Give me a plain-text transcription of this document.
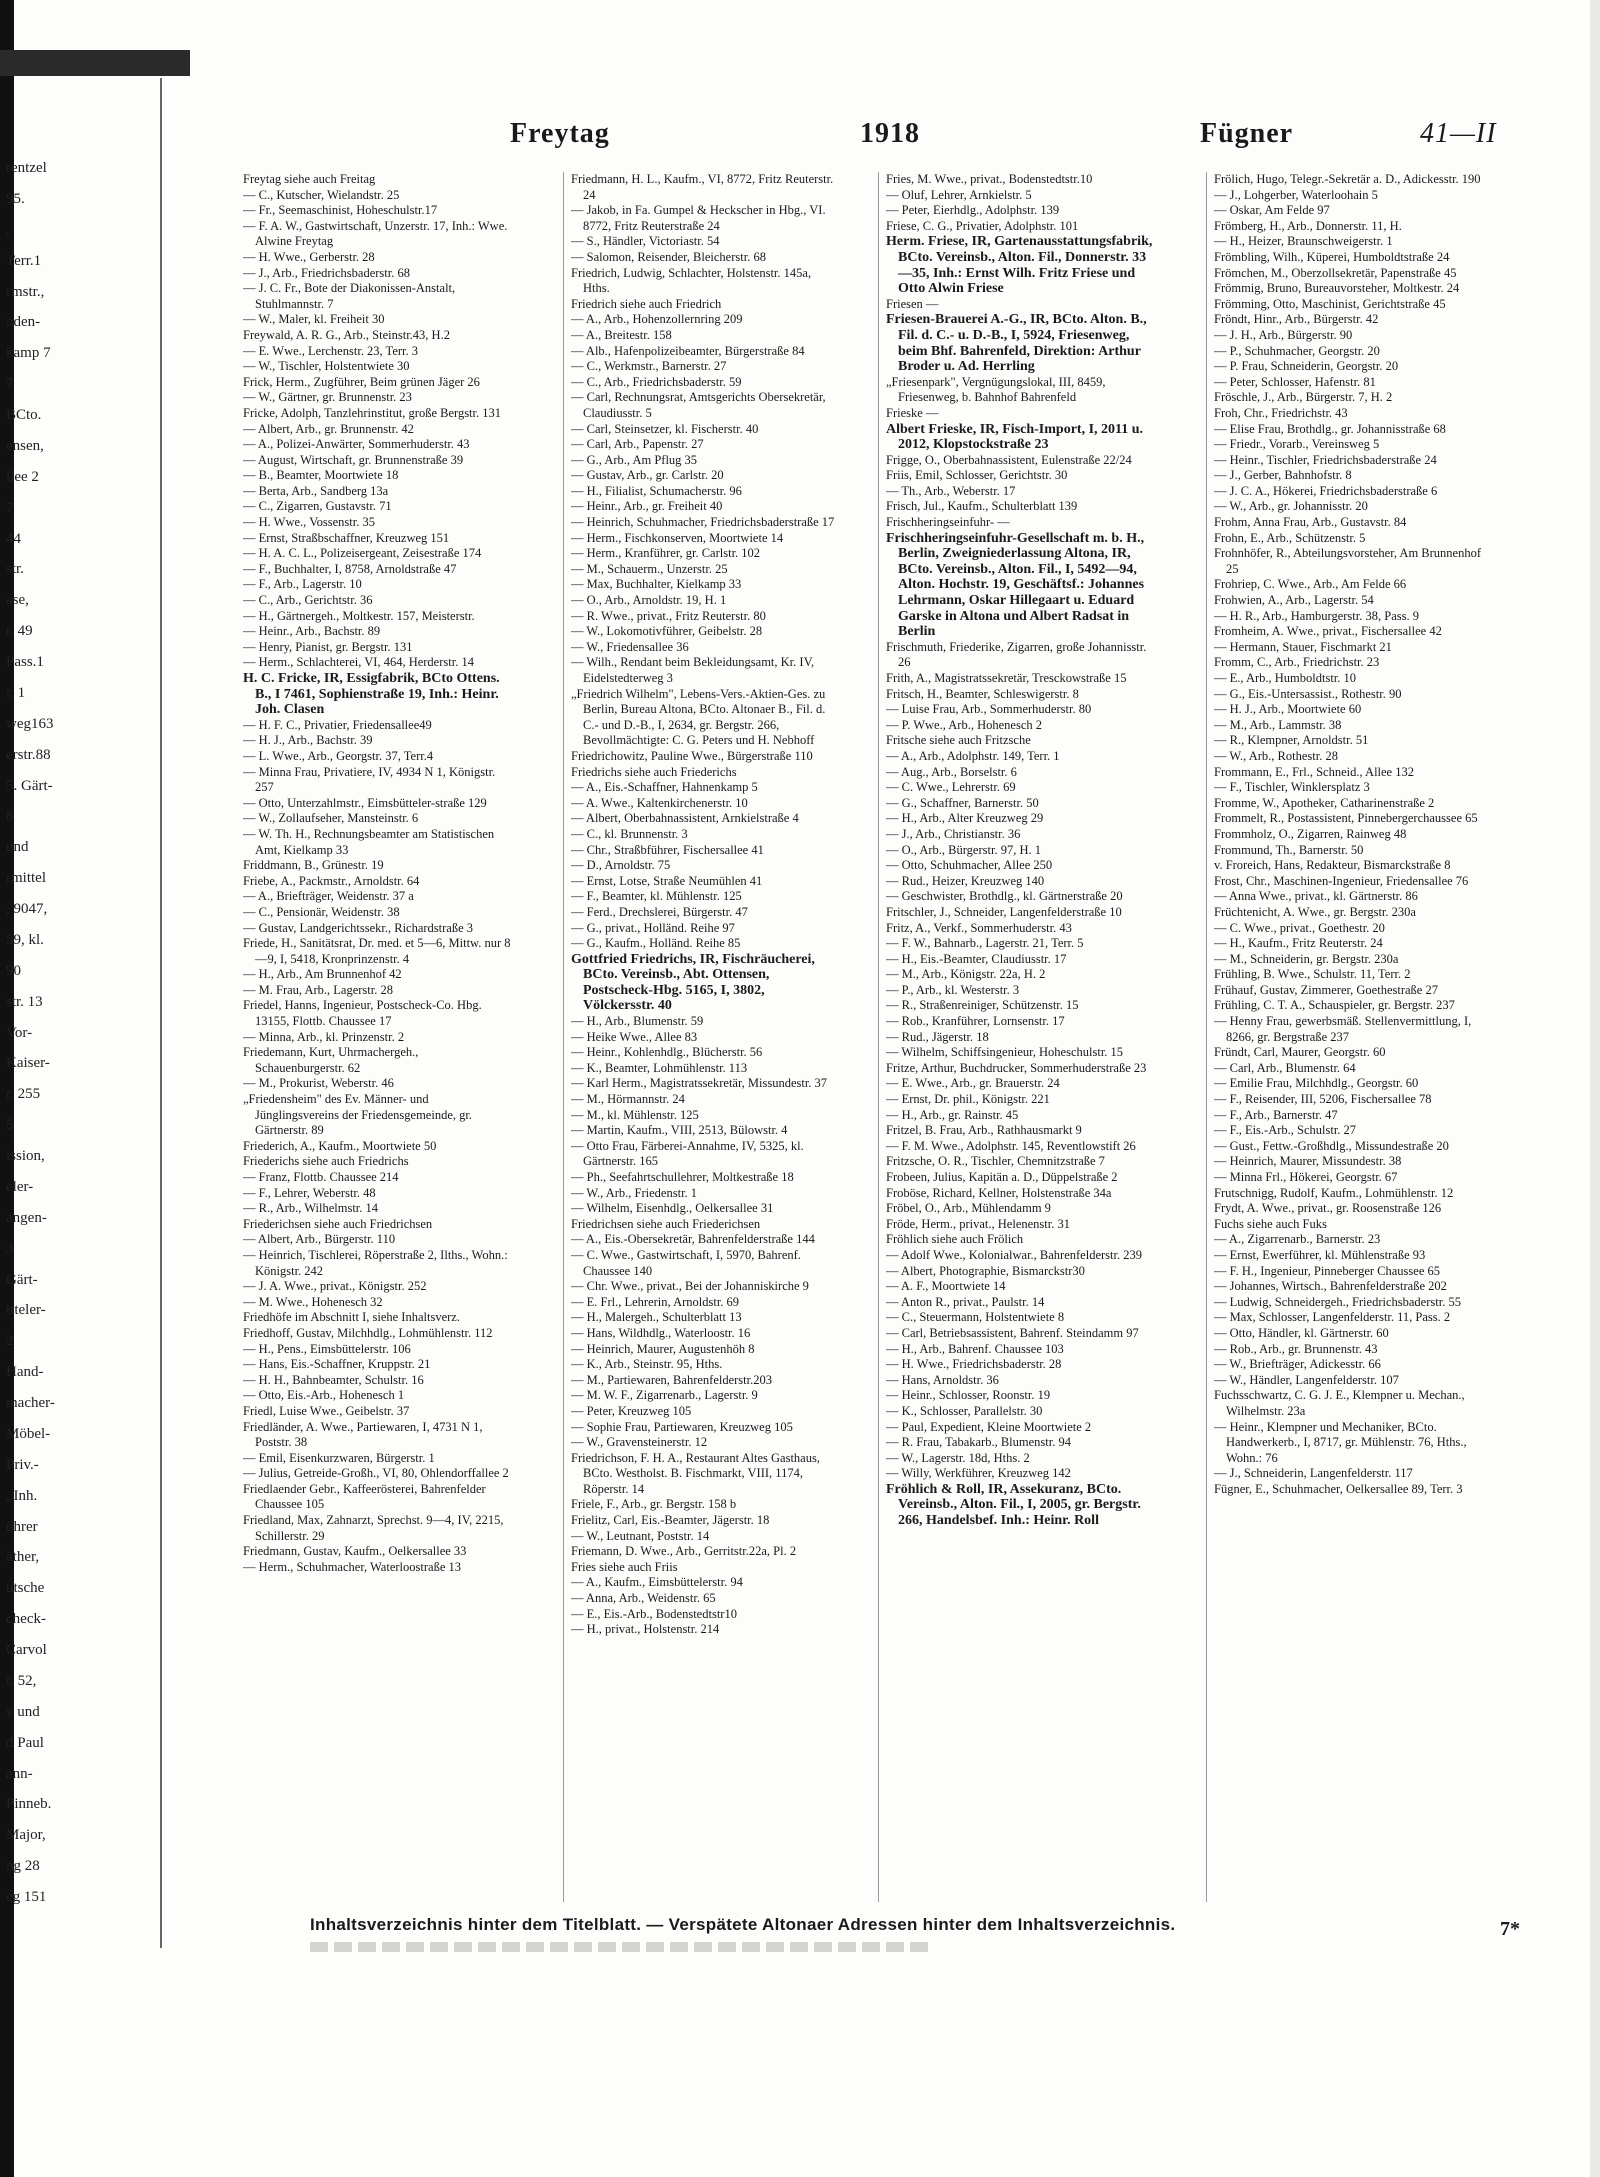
rentzel
95.
,
Terr.1
rmstr.,
nden-
kamp 7
7
BCto.
ensen,
llee 2
7
44
str.
ase,
r. 49
Pass.1
r. 1
weg163
erstr.88
5. Gärt-
8
und
rmittel
, 9047,
59, kl.
90
str. 13
Vor-
Kaiser-
r. 255
5
ission,
eler-
angen-
3
Gärt-
ttteler-
2
Hand-
macher-
Möbel-
Priv.-
, Inh.
ührer
äther,
utsche
check-
Carvol
r. 52,
y und
d Paul
ann-
Pinneb.
Major,
ng 28
eg 151
Freytag	1918	Fügner	41—II

Freytag siehe auch Freitag

— C., Kutscher, Wielandstr. 25

— Fr., Seemaschinist, Hoheschulstr.17

— F. A. W., Gastwirtschaft, Unzerstr. 17, Inh.: Wwe. Alwine Freytag

— H. Wwe., Gerberstr. 28

— J., Arb., Friedrichsbaderstr. 68

— J. C. Fr., Bote der Diakonissen-Anstalt, Stuhlmannstr. 7

— W., Maler, kl. Freiheit 30

Freywald, A. R. G., Arb., Steinstr.43, H.2

— E. Wwe., Lerchenstr. 23, Terr. 3

— W., Tischler, Holstentwiete 30

Frick, Herm., Zugführer, Beim grünen Jäger 26

— W., Gärtner, gr. Brunnenstr. 23

Fricke, Adolph, Tanzlehrinstitut, große Bergstr. 131

— Albert, Arb., gr. Brunnenstr. 42

— A., Polizei-Anwärter, Sommerhuderstr. 43

— August, Wirtschaft, gr. Brunnenstraße 39

— B., Beamter, Moortwiete 18

— Berta, Arb., Sandberg 13a

— C., Zigarren, Gustavstr. 71

— H. Wwe., Vossenstr. 35

— Ernst, Straßbschaffner, Kreuzweg 151

— H. A. C. L., Polizeisergeant, Zeisestraße 174

— F., Buchhalter, I, 8758, Arnoldstraße 47

— F., Arb., Lagerstr. 10

— C., Arb., Gerichtstr. 36

— H., Gärtnergeh., Moltkestr. 157, Meisterstr.

— Heinr., Arb., Bachstr. 89

— Henry, Pianist, gr. Bergstr. 131

— Herm., Schlachterei, VI, 464, Herderstr. 14

H. C. Fricke, IR, Essigfabrik, BCto Ottens. B., I 7461, Sophienstraße 19, Inh.: Heinr. Joh. Clasen

— H. F. C., Privatier, Friedensallee49

— H. J., Arb., Bachstr. 39

— L. Wwe., Arb., Georgstr. 37, Terr.4

— Minna Frau, Privatiere, IV, 4934 N 1, Königstr. 257

— Otto, Unterzahlmstr., Eimsbütteler-straße 129

— W., Zollaufseher, Mansteinstr. 6

— W. Th. H., Rechnungsbeamter am Statistischen Amt, Kielkamp 33

Friddmann, B., Grünestr. 19

Friebe, A., Packmstr., Arnoldstr. 64

— A., Briefträger, Weidenstr. 37 a

— C., Pensionär, Weidenstr. 38

— Gustav, Landgerichtssekr., Richardstraße 3

Friede, H., Sanitätsrat, Dr. med. et 5—6, Mittw. nur 8—9, I, 5418, Kronprinzenstr. 4

— H., Arb., Am Brunnenhof 42

— M. Frau, Arb., Lagerstr. 28

Friedel, Hanns, Ingenieur, Postscheck-Co. Hbg. 13155, Flottb. Chaussee 17

— Minna, Arb., kl. Prinzenstr. 2

Friedemann, Kurt, Uhrmachergeh., Schauenburgerstr. 62

— M., Prokurist, Weberstr. 46

„Friedensheim" des Ev. Männer- und Jünglingsvereins der Friedensgemeinde, gr. Gärtnerstr. 89

Friederich, A., Kaufm., Moortwiete 50

Friederichs siehe auch Friedrichs

— Franz, Flottb. Chaussee 214

— F., Lehrer, Weberstr. 48

— R., Arb., Wilhelmstr. 14

Friederichsen siehe auch Friedrichsen

— Albert, Arb., Bürgerstr. 110

— Heinrich, Tischlerei, Röperstraße 2, Ilths., Wohn.: Königstr. 242

— J. A. Wwe., privat., Königstr. 252

— M. Wwe., Hohenesch 32

Friedhöfe im Abschnitt I, siehe Inhaltsverz.

Friedhoff, Gustav, Milchhdlg., Lohmühlenstr. 112

— H., Pens., Eimsbüttelerstr. 106

— Hans, Eis.-Schaffner, Kruppstr. 21

— H. H., Bahnbeamter, Schulstr. 16

— Otto, Eis.-Arb., Hohenesch 1

Friedl, Luise Wwe., Geibelstr. 37

Friedländer, A. Wwe., Partiewaren, I, 4731 N 1, Poststr. 38

— Emil, Eisenkurzwaren, Bürgerstr. 1

— Julius, Getreide-Großh., VI, 80, Ohlendorffallee 2

Friedlaender Gebr., Kaffeerösterei, Bahrenfelder Chaussee 105

Friedland, Max, Zahnarzt, Sprechst. 9—4, IV, 2215, Schillerstr. 29

Friedmann, Gustav, Kaufm., Oelkersallee 33

— Herm., Schuhmacher, Waterloostraße 13

Friedmann, H. L., Kaufm., VI, 8772, Fritz Reuterstr. 24

— Jakob, in Fa. Gumpel & Heckscher in Hbg., VI. 8772, Fritz Reuterstraße 24

— S., Händler, Victoriastr. 54

— Salomon, Reisender, Bleicherstr. 68

Friedrich, Ludwig, Schlachter, Holstenstr. 145a, Hths.

Friedrich siehe auch Friedrich

— A., Arb., Hohenzollernring 209

— A., Breitestr. 158

— Alb., Hafenpolizeibeamter, Bürgerstraße 84

— C., Werkmstr., Barnerstr. 27

— C., Arb., Friedrichsbaderstr. 59

— Carl, Rechnungsrat, Amtsgerichts Obersekretär, Claudiusstr. 5

— Carl, Steinsetzer, kl. Fischerstr. 40

— Carl, Arb., Papenstr. 27

— G., Arb., Am Pflug 35

— Gustav, Arb., gr. Carlstr. 20

— H., Filialist, Schumacherstr. 96

— Heinr., Arb., gr. Freiheit 40

— Heinrich, Schuhmacher, Friedrichsbaderstraße 17

— Herm., Fischkonserven, Moortwiete 14

— Herm., Kranführer, gr. Carlstr. 102

— M., Schauerm., Unzerstr. 25

— Max, Buchhalter, Kielkamp 33

— O., Arb., Arnoldstr. 19, H. 1

— R. Wwe., privat., Fritz Reuterstr. 80

— W., Lokomotivführer, Geibelstr. 28

— W., Friedensallee 36

— Wilh., Rendant beim Bekleidungsamt, Kr. IV, Eidelstedterweg 3

„Friedrich Wilhelm", Lebens-Vers.-Aktien-Ges. zu Berlin, Bureau Altona, BCto. Altonaer B., Fil. d. C.- und D.-B., I, 2634, gr. Bergstr. 266, Bevollmächtigte: C. G. Peters und H. Nebhoff

Friedrichowitz, Pauline Wwe., Bürgerstraße 110

Friedrichs siehe auch Friederichs

— A., Eis.-Schaffner, Hahnenkamp 5

— A. Wwe., Kaltenkirchenerstr. 10

— Albert, Oberbahnassistent, Arnkielstraße 4

— C., kl. Brunnenstr. 3

— Chr., Straßbführer, Fischersallee 41

— D., Arnoldstr. 75

— Ernst, Lotse, Straße Neumühlen 41

— F., Beamter, kl. Mühlenstr. 125

— Ferd., Drechslerei, Bürgerstr. 47

— G., privat., Holländ. Reihe 97

— G., Kaufm., Holländ. Reihe 85

Gottfried Friedrichs, IR, Fischräucherei, BCto. Vereinsb., Abt. Ottensen, Postscheck-Hbg. 5165, I, 3802, Völckersstr. 40

— H., Arb., Blumenstr. 59

— Heike Wwe., Allee 83

— Heinr., Kohlenhdlg., Blücherstr. 56

— K., Beamter, Lohmühlenstr. 113

— Karl Herm., Magistratssekretär, Missundestr. 37

— M., Hörmannstr. 24

— M., kl. Mühlenstr. 125

— Martin, Kaufm., VIII, 2513, Bülowstr. 4

— Otto Frau, Färberei-Annahme, IV, 5325, kl. Gärtnerstr. 165

— Ph., Seefahrtschullehrer, Moltkestraße 18

— W., Arb., Friedenstr. 1

— Wilhelm, Eisenhdlg., Oelkersallee 31

Friedrichsen siehe auch Friederichsen

— A., Eis.-Obersekretär, Bahrenfelderstraße 144

— C. Wwe., Gastwirtschaft, I, 5970, Bahrenf. Chaussee 140

— Chr. Wwe., privat., Bei der Johanniskirche 9

— E. Frl., Lehrerin, Arnoldstr. 69

— H., Malergeh., Schulterblatt 13

— Hans, Wildhdlg., Waterloostr. 16

— Heinrich, Maurer, Augustenhöh 8

— K., Arb., Steinstr. 95, Hths.

— M., Partiewaren, Bahrenfelderstr.203

— M. W. F., Zigarrenarb., Lagerstr. 9

— Peter, Kreuzweg 105

— Sophie Frau, Partiewaren, Kreuzweg 105

— W., Gravensteinerstr. 12

Friedrichson, F. H. A., Restaurant Altes Gasthaus, BCto. Westholst. B. Fischmarkt, VIII, 1174, Röperstr. 14

Friele, F., Arb., gr. Bergstr. 158 b

Frielitz, Carl, Eis.-Beamter, Jägerstr. 18

— W., Leutnant, Poststr. 14

Friemann, D. Wwe., Arb., Gerritstr.22a, Pl. 2

Fries siehe auch Friis

— A., Kaufm., Eimsbüttelerstr. 94

— Anna, Arb., Weidenstr. 65

— E., Eis.-Arb., Bodenstedtstr10

— H., privat., Holstenstr. 214

Fries, M. Wwe., privat., Bodenstedtstr.10

— Oluf, Lehrer, Arnkielstr. 5

— Peter, Eierhdlg., Adolphstr. 139

Friese, C. G., Privatier, Adolphstr. 101

Herm. Friese, IR, Gartenausstattungsfabrik, BCto. Vereinsb., Alton. Fil., Donnerstr. 33—35, Inh.: Ernst Wilh. Fritz Friese und Otto Alwin Friese

Friesen —

Friesen-Brauerei A.-G., IR, BCto. Alton. B., Fil. d. C.- u. D.-B., I, 5924, Friesenweg, beim Bhf. Bahrenfeld, Direktion: Arthur Broder u. Ad. Herrling

„Friesenpark", Vergnügungslokal, III, 8459, Friesenweg, b. Bahnhof Bahrenfeld

Frieske —

Albert Frieske, IR, Fisch-Import, I, 2011 u. 2012, Klopstockstraße 23

Frigge, O., Oberbahnassistent, Eulenstraße 22/24

Friis, Emil, Schlosser, Gerichtstr. 30

— Th., Arb., Weberstr. 17

Frisch, Jul., Kaufm., Schulterblatt 139

Frischheringseinfuhr- —

Frischheringseinfuhr-Gesellschaft m. b. H., Berlin, Zweigniederlassung Altona, IR, BCto. Vereinsb., Alton. Fil., I, 5492—94, Alton. Hochstr. 19, Geschäftsf.: Johannes Lehrmann, Oskar Hillegaart u. Eduard Garske in Altona und Albert Radsat in Berlin

Frischmuth, Friederike, Zigarren, große Johannisstr. 26

Frith, A., Magistratssekretär, Tresckowstraße 15

Fritsch, H., Beamter, Schleswigerstr. 8

— Luise Frau, Arb., Sommerhuderstr. 80

— P. Wwe., Arb., Hohenesch 2

Fritsche siehe auch Fritzsche

— A., Arb., Adolphstr. 149, Terr. 1

— Aug., Arb., Borselstr. 6

— C. Wwe., Lehrerstr. 69

— G., Schaffner, Barnerstr. 50

— H., Arb., Alter Kreuzweg 29

— J., Arb., Christianstr. 36

— O., Arb., Bürgerstr. 97, H. 1

— Otto, Schuhmacher, Allee 250

— Rud., Heizer, Kreuzweg 140

— Geschwister, Brothdlg., kl. Gärtnerstraße 20

Fritschler, J., Schneider, Langenfelderstraße 10

Fritz, A., Verkf., Sommerhuderstr. 43

— F. W., Bahnarb., Lagerstr. 21, Terr. 5

— H., Eis.-Beamter, Claudiusstr. 17

— M., Arb., Königstr. 22a, H. 2

— P., Arb., kl. Westerstr. 3

— R., Straßenreiniger, Schützenstr. 15

— Rob., Kranführer, Lornsenstr. 17

— Rud., Jägerstr. 18

— Wilhelm, Schiffsingenieur, Hoheschulstr. 15

Fritze, Arthur, Buchdrucker, Sommerhuderstraße 23

— E. Wwe., Arb., gr. Brauerstr. 24

— Ernst, Dr. phil., Königstr. 221

— H., Arb., gr. Rainstr. 45

Fritzel, B. Frau, Arb., Rathhausmarkt 9

— F. M. Wwe., Adolphstr. 145, Reventlowstift 26

Fritzsche, O. R., Tischler, Chemnitzstraße 7

Frobeen, Julius, Kapitän a. D., Düppelstraße 2

Froböse, Richard, Kellner, Holstenstraße 34a

Fröbel, O., Arb., Mühlendamm 9

Fröde, Herm., privat., Helenenstr. 31

Fröhlich siehe auch Frölich

— Adolf Wwe., Kolonialwar., Bahrenfelderstr. 239

— Albert, Photographie, Bismarckstr30

— A. F., Moortwiete 14

— Anton R., privat., Paulstr. 14

— C., Steuermann, Holstentwiete 8

— Carl, Betriebsassistent, Bahrenf. Steindamm 97

— H., Arb., Bahrenf. Chaussee 103

— H. Wwe., Friedrichsbaderstr. 28

— Hans, Arnoldstr. 36

— Heinr., Schlosser, Roonstr. 19

— K., Schlosser, Parallelstr. 30

— Paul, Expedient, Kleine Moortwiete 2

— R. Frau, Tabakarb., Blumenstr. 94

— W., Lagerstr. 18d, Hths. 2

— Willy, Werkführer, Kreuzweg 142

Fröhlich & Roll, IR, Assekuranz, BCto. Vereinsb., Alton. Fil., I, 2005, gr. Bergstr. 266, Handelsbef. Inh.: Heinr. Roll

Frölich, Hugo, Telegr.-Sekretär a. D., Adickesstr. 190

— J., Lohgerber, Waterloohain 5

— Oskar, Am Felde 97

Frömberg, H., Arb., Donnerstr. 11, H.

— H., Heizer, Braunschweigerstr. 1

Frömbling, Wilh., Küperei, Humboldtstraße 24

Frömchen, M., Oberzollsekretär, Papenstraße 45

Frömmig, Bruno, Bureauvorsteher, Moltkestr. 24

Frömming, Otto, Maschinist, Gerichtstraße 45

Fröndt, Hinr., Arb., Bürgerstr. 42

— J. H., Arb., Bürgerstr. 90

— P., Schuhmacher, Georgstr. 20

— P. Frau, Schneiderin, Georgstr. 20

— Peter, Schlosser, Hafenstr. 81

Fröschle, J., Arb., Bürgerstr. 7, H. 2

Froh, Chr., Friedrichstr. 43

— Elise Frau, Brothdlg., gr. Johannisstraße 68

— Friedr., Vorarb., Vereinsweg 5

— Heinr., Tischler, Friedrichsbaderstraße 24

— J., Gerber, Bahnhofstr. 8

— J. C. A., Hökerei, Friedrichsbaderstraße 6

— W., Arb., gr. Johannisstr. 20

Frohm, Anna Frau, Arb., Gustavstr. 84

Frohn, E., Arb., Schützenstr. 5

Frohnhöfer, R., Abteilungsvorsteher, Am Brunnenhof 25

Frohriep, C. Wwe., Arb., Am Felde 66

Frohwien, A., Arb., Lagerstr. 54

— H. R., Arb., Hamburgerstr. 38, Pass. 9

Fromheim, A. Wwe., privat., Fischersallee 42

— Hermann, Stauer, Fischmarkt 21

Fromm, C., Arb., Friedrichstr. 23

— E., Arb., Humboldtstr. 10

— G., Eis.-Untersassist., Rothestr. 90

— H. J., Arb., Moortwiete 60

— M., Arb., Lammstr. 38

— R., Klempner, Arnoldstr. 51

— W., Arb., Rothestr. 28

Frommann, E., Frl., Schneid., Allee 132

— F., Tischler, Winklersplatz 3

Fromme, W., Apotheker, Catharinenstraße 2

Frommelt, R., Postassistent, Pinnebergerchaussee 65

Frommholz, O., Zigarren, Rainweg 48

Frommund, Th., Barnerstr. 50

v. Froreich, Hans, Redakteur, Bismarckstraße 8

Frost, Chr., Maschinen-Ingenieur, Friedensallee 76

— Anna Wwe., privat., kl. Gärtnerstr. 86

Früchtenicht, A. Wwe., gr. Bergstr. 230a

— C. Wwe., privat., Goethestr. 20

— H., Kaufm., Fritz Reuterstr. 24

— M., Schneiderin, gr. Bergstr. 230a

Frühling, B. Wwe., Schulstr. 11, Terr. 2

Frühauf, Gustav, Zimmerer, Goethestraße 27

Frühling, C. T. A., Schauspieler, gr. Bergstr. 237

— Henny Frau, gewerbsmäß. Stellenvermittlung, I, 8266, gr. Bergstraße 237

Fründt, Carl, Maurer, Georgstr. 60

— Carl, Arb., Blumenstr. 64

— Emilie Frau, Milchhdlg., Georgstr. 60

— F., Reisender, III, 5206, Fischersallee 78

— F., Arb., Barnerstr. 47

— F., Eis.-Arb., Schulstr. 27

— Gust., Fettw.-Großhdlg., Missundestraße 20

— Heinrich, Maurer, Missundestr. 38

— Minna Frl., Hökerei, Georgstr. 67

Frutschnigg, Rudolf, Kaufm., Lohmühlenstr. 12

Frydt, A. Wwe., privat., gr. Roosenstraße 126

Fuchs siehe auch Fuks

— A., Zigarrenarb., Barnerstr. 23

— Ernst, Ewerführer, kl. Mühlenstraße 93

— F. H., Ingenieur, Pinneberger Chaussee 65

— Johannes, Wirtsch., Bahrenfelderstraße 202

— Ludwig, Schneidergeh., Friedrichsbaderstr. 55

— Max, Schlosser, Langenfelderstr. 11, Pass. 2

— Otto, Händler, kl. Gärtnerstr. 60

— Rob., Arb., gr. Brunnenstr. 43

— W., Briefträger, Adickesstr. 66

— W., Händler, Langenfelderstr. 107

Fuchsschwartz, C. G. J. E., Klempner u. Mechan., Wilhelmstr. 23a

— Heinr., Klempner und Mechaniker, BCto. Handwerkerb., I, 8717, gr. Mühlenstr. 76, Hths., Wohn.: 76

— J., Schneiderin, Langenfelderstr. 117

Fügner, E., Schuhmacher, Oelkersallee 89, Terr. 3

Inhaltsverzeichnis hinter dem Titelblatt. — Verspätete Altonaer Adressen hinter dem Inhaltsverzeichnis.	7*
